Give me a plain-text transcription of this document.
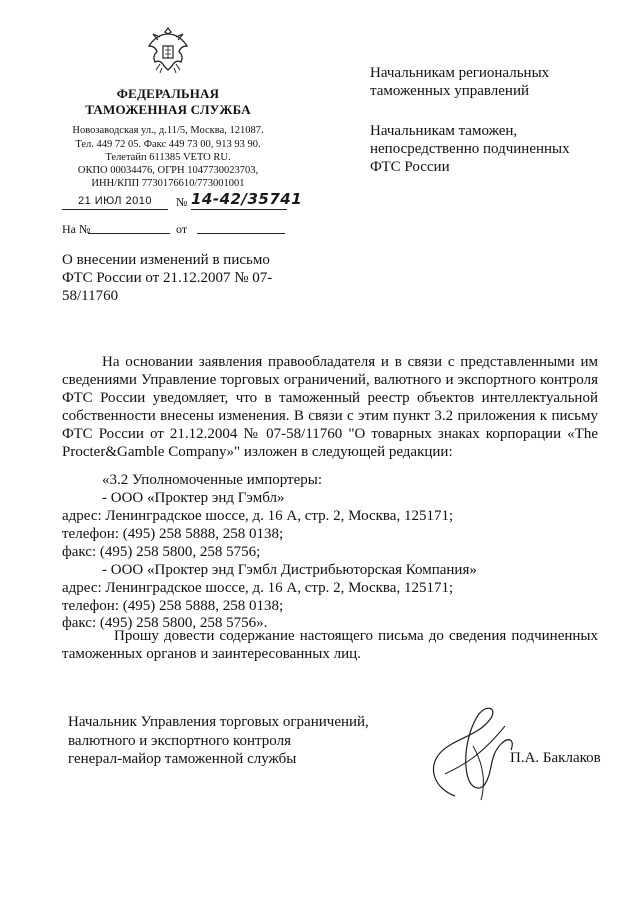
ФЕДЕРАЛЬНАЯ
ТАМОЖЕННАЯ СЛУЖБА
Новозаводская ул., д.11/5, Москва, 121087.
Тел. 449 72 05. Факс 449 73 00, 913 93 90.
Телетайп 611385 VETO RU.
ОКПО 00034476, ОГРН 1047730023703,
ИНН/КПП 7730176610/773001001
21 ИЮЛ 2010	№ 14-42/35741
На №	от
О внесении изменений в письмо
ФТС России от 21.12.2007 № 07-
58/11760
Начальникам региональных
таможенных управлений
Начальникам таможен,
непосредственно подчиненных
ФТС России
На основании заявления правообладателя и в связи с представленными им сведениями Управление торговых ограничений, валютного и экспортного контроля ФТС России уведомляет, что в таможенный реестр объектов интеллектуальной собственности внесены изменения. В связи с этим пункт 3.2 приложения к письму ФТС России от 21.12.2004 № 07-58/11760 "О товарных знаках корпорации «The Procter&Gamble Company»" изложен в следующей редакции:
«3.2 Уполномоченные импортеры:
- ООО «Проктер энд Гэмбл»
адрес: Ленинградское шоссе, д. 16 А, стр. 2, Москва, 125171;
телефон: (495) 258 5888, 258 0138;
факс: (495) 258 5800, 258 5756;
- ООО «Проктер энд Гэмбл Дистрибьюторская Компания»
адрес: Ленинградское шоссе, д. 16 А, стр. 2, Москва, 125171;
телефон: (495) 258 5888, 258 0138;
факс: (495) 258 5800, 258 5756».
Прошу довести содержание настоящего письма до сведения подчиненных таможенных органов и заинтересованных лиц.
Начальник Управления торговых ограничений,
валютного и экспортного контроля
генерал-майор таможенной службы	П.А. Баклаков
